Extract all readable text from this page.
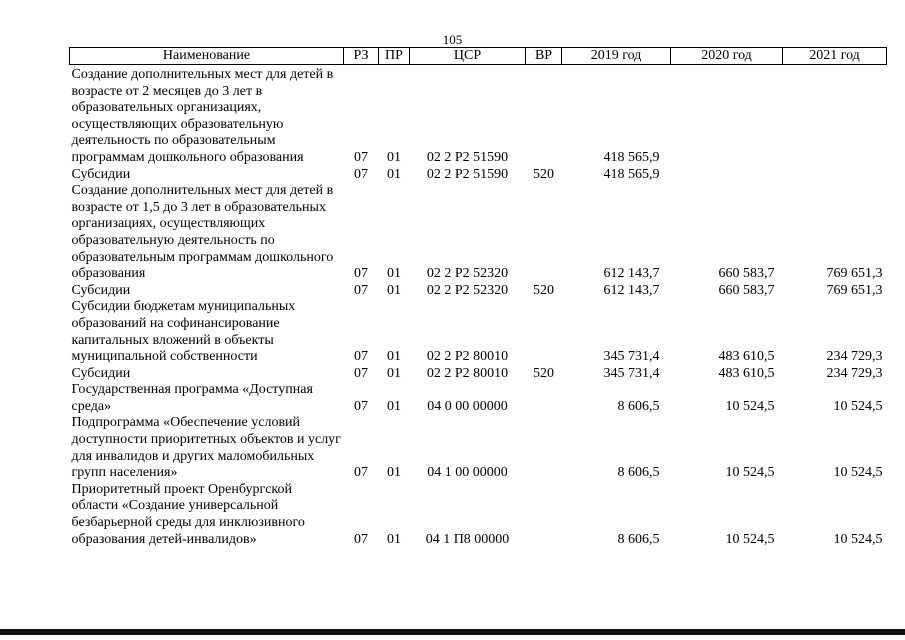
105
Наименование	РЗ	ПР	ЦСР	ВР	2019 год	2020 год	2021 год
Создание дополнительных мест для детей в возрасте от 2 месяцев до 3 лет в образовательных организациях, осуществляющих образовательную деятельность по образовательным программам дошкольного образования	07	01	02 2 P2 51590		418 565,9		
Субсидии	07	01	02 2 P2 51590	520	418 565,9		
Создание дополнительных мест для детей в возрасте от 1,5 до 3 лет в образовательных организациях, осуществляющих образовательную деятельность по образовательным программам дошкольного образования	07	01	02 2 P2 52320		612 143,7	660 583,7	769 651,3
Субсидии	07	01	02 2 P2 52320	520	612 143,7	660 583,7	769 651,3
Субсидии бюджетам муниципальных образований на софинансирование капитальных вложений в объекты муниципальной собственности	07	01	02 2 P2 80010		345 731,4	483 610,5	234 729,3
Субсидии	07	01	02 2 P2 80010	520	345 731,4	483 610,5	234 729,3
Государственная программа «Доступная среда»	07	01	04 0 00 00000		8 606,5	10 524,5	10 524,5
Подпрограмма «Обеспечение условий доступности приоритетных объектов и услуг для инвалидов и других маломобильных групп населения»	07	01	04 1 00 00000		8 606,5	10 524,5	10 524,5
Приоритетный проект Оренбургской области «Создание универсальной безбарьерной среды для инклюзивного образования детей-инвалидов»	07	01	04 1 П8 00000		8 606,5	10 524,5	10 524,5
